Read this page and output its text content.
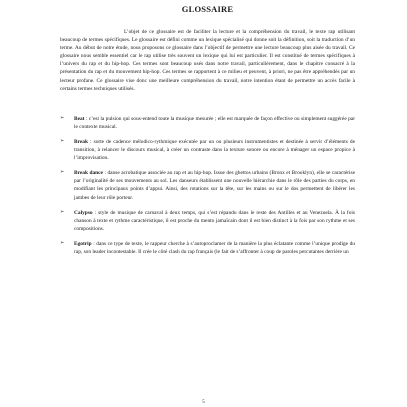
GLOSSAIRE

L’objet de ce glossaire est de faciliter la lecture et la compréhension du travail, le texte rap utilisant beaucoup de termes spécifiques. Le glossaire est défini comme un lexique spécialisé qui donne soit la définition, soit la traduction d’un terme. Au début de notre étude, nous proposons ce glossaire dans l’objectif de permettre une lecture beaucoup plus aisée du travail. Ce glossaire nous semble essentiel car le rap utilise très souvent un lexique qui lui est particulier. Il est constitué de termes spécifiques à l’univers du rap et du hip-hop. Ces termes sont beaucoup usés dans notre travail, particulièrement, dans le chapitre consacré à la présentation du rap et du mouvement hip-hop. Ces termes se rapportent à ce milieu et peuvent, à priori, ne pas être appréhendés par un lecteur profane. Ce glossaire vise donc une meilleure compréhension du travail, notre intention étant de permettre un accès facile à certains termes techniques utilisés.

➢	Beat : c’est la pulsion qui sous-entend toute la musique mesurée ; elle est marquée de façon effective ou simplement suggérée par le contexte musical.
➢	Break : sorte de cadence mélodico-rythmique exécutée par un ou plusieurs instrumentistes et destinée à servir d’éléments de transition, à relancer le discours musical, à créer un contraste dans la texture sonore ou encore à ménager un espace propice à l’improvisation.
➢	Break dance : danse acrobatique associée au rap et au hip-hop. Issue des ghettos urbains (Bronx et Brooklyn), elle se caractérise par l’originalité de ses mouvements au sol. Les danseurs établissent une nouvelle hiérarchie dans le rôle des parties du corps, en modifiant les principaux points d’appui. Ainsi, des rotations sur la tête, sur les mains ou sur le dos permettent de libérer les jambes de leur rôle porteur.
➢	Calypso : style de musique de carnaval à deux temps, qui s’est répandu dans le reste des Antilles et au Venezuela. À la fois chanson à texte et rythme caractéristique, il est proche du mento jamaïcain dont il est bien distinct à la fois par son rythme et ses compositions.
➢	Egotrip : dans ce type de texte, le rappeur cherche à s’autoproclamer de la manière la plus éclatante comme l’unique prodige du rap, son leader incontestable. Il crée le côté clash du rap français (le fait de s’affronter à coup de paroles percutantes derrière un
5
